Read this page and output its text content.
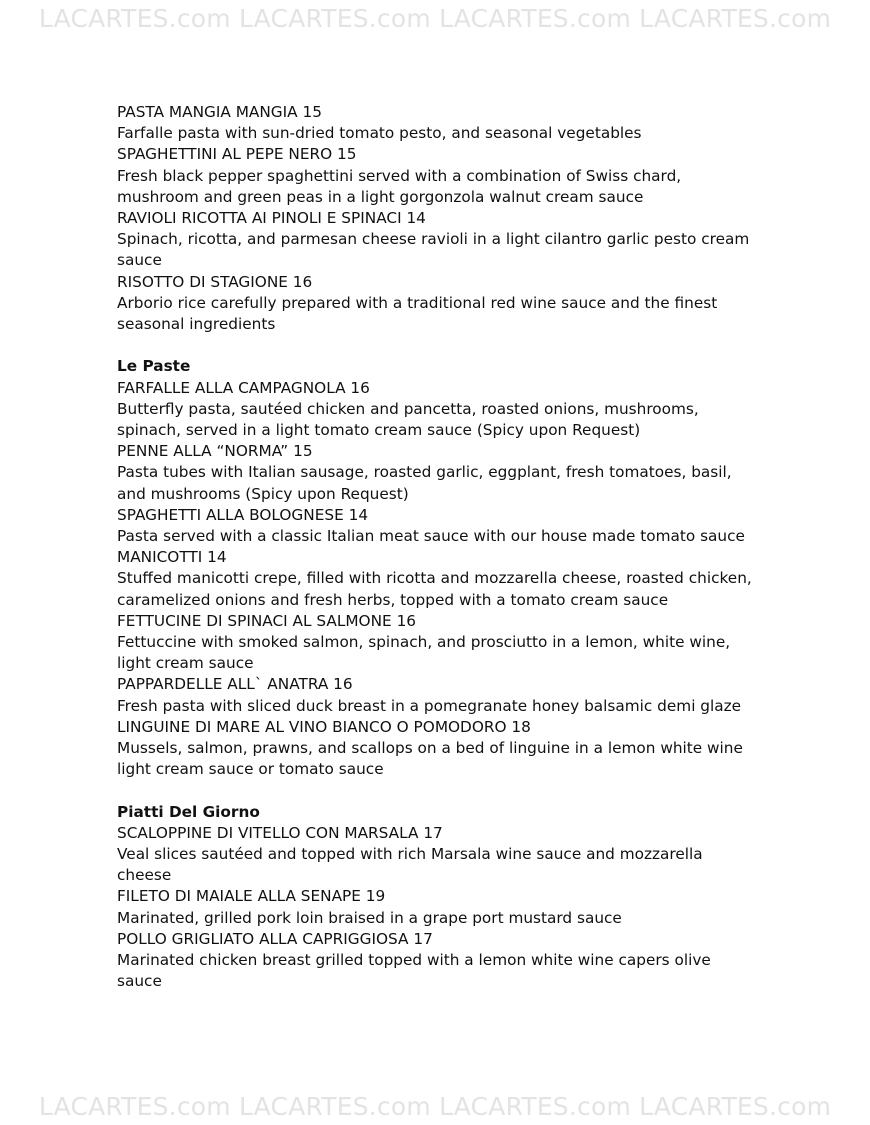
LACARTES.com LACARTES.com LACARTES.com LACARTES.com
PASTA MANGIA MANGIA 15
Farfalle pasta with sun-dried tomato pesto, and seasonal vegetables
SPAGHETTINI AL PEPE NERO 15
Fresh black pepper spaghettini served with a combination of Swiss chard, mushroom and green peas in a light gorgonzola walnut cream sauce
RAVIOLI RICOTTA AI PINOLI E SPINACI 14
Spinach, ricotta, and parmesan cheese ravioli in a light cilantro garlic pesto cream sauce
RISOTTO DI STAGIONE 16
Arborio rice carefully prepared with a traditional red wine sauce and the finest seasonal ingredients
Le Paste
FARFALLE ALLA CAMPAGNOLA 16
Butterfly pasta, sautéed chicken and pancetta, roasted onions, mushrooms, spinach, served in a light tomato cream sauce (Spicy upon Request)
PENNE ALLA “NORMA” 15
Pasta tubes with Italian sausage, roasted garlic, eggplant, fresh tomatoes, basil, and mushrooms (Spicy upon Request)
SPAGHETTI ALLA BOLOGNESE 14
Pasta served with a classic Italian meat sauce with our house made tomato sauce
MANICOTTI 14
Stuffed manicotti crepe, filled with ricotta and mozzarella cheese, roasted chicken, caramelized onions and fresh herbs, topped with a tomato cream sauce
FETTUCINE DI SPINACI AL SALMONE 16
Fettuccine with smoked salmon, spinach, and prosciutto in a lemon, white wine, light cream sauce
PAPPARDELLE ALL` ANATRA 16
Fresh pasta with sliced duck breast in a pomegranate honey balsamic demi glaze
LINGUINE DI MARE AL VINO BIANCO O POMODORO 18
Mussels, salmon, prawns, and scallops on a bed of linguine in a lemon white wine light cream sauce or tomato sauce
Piatti Del Giorno
SCALOPPINE DI VITELLO CON MARSALA 17
Veal slices sautéed and topped with rich Marsala wine sauce and mozzarella cheese
FILETO DI MAIALE ALLA SENAPE 19
Marinated, grilled pork loin braised in a grape port mustard sauce
POLLO GRIGLIATO ALLA CAPRIGGIOSA 17
Marinated chicken breast grilled topped with a lemon white wine capers olive sauce
LACARTES.com LACARTES.com LACARTES.com LACARTES.com
